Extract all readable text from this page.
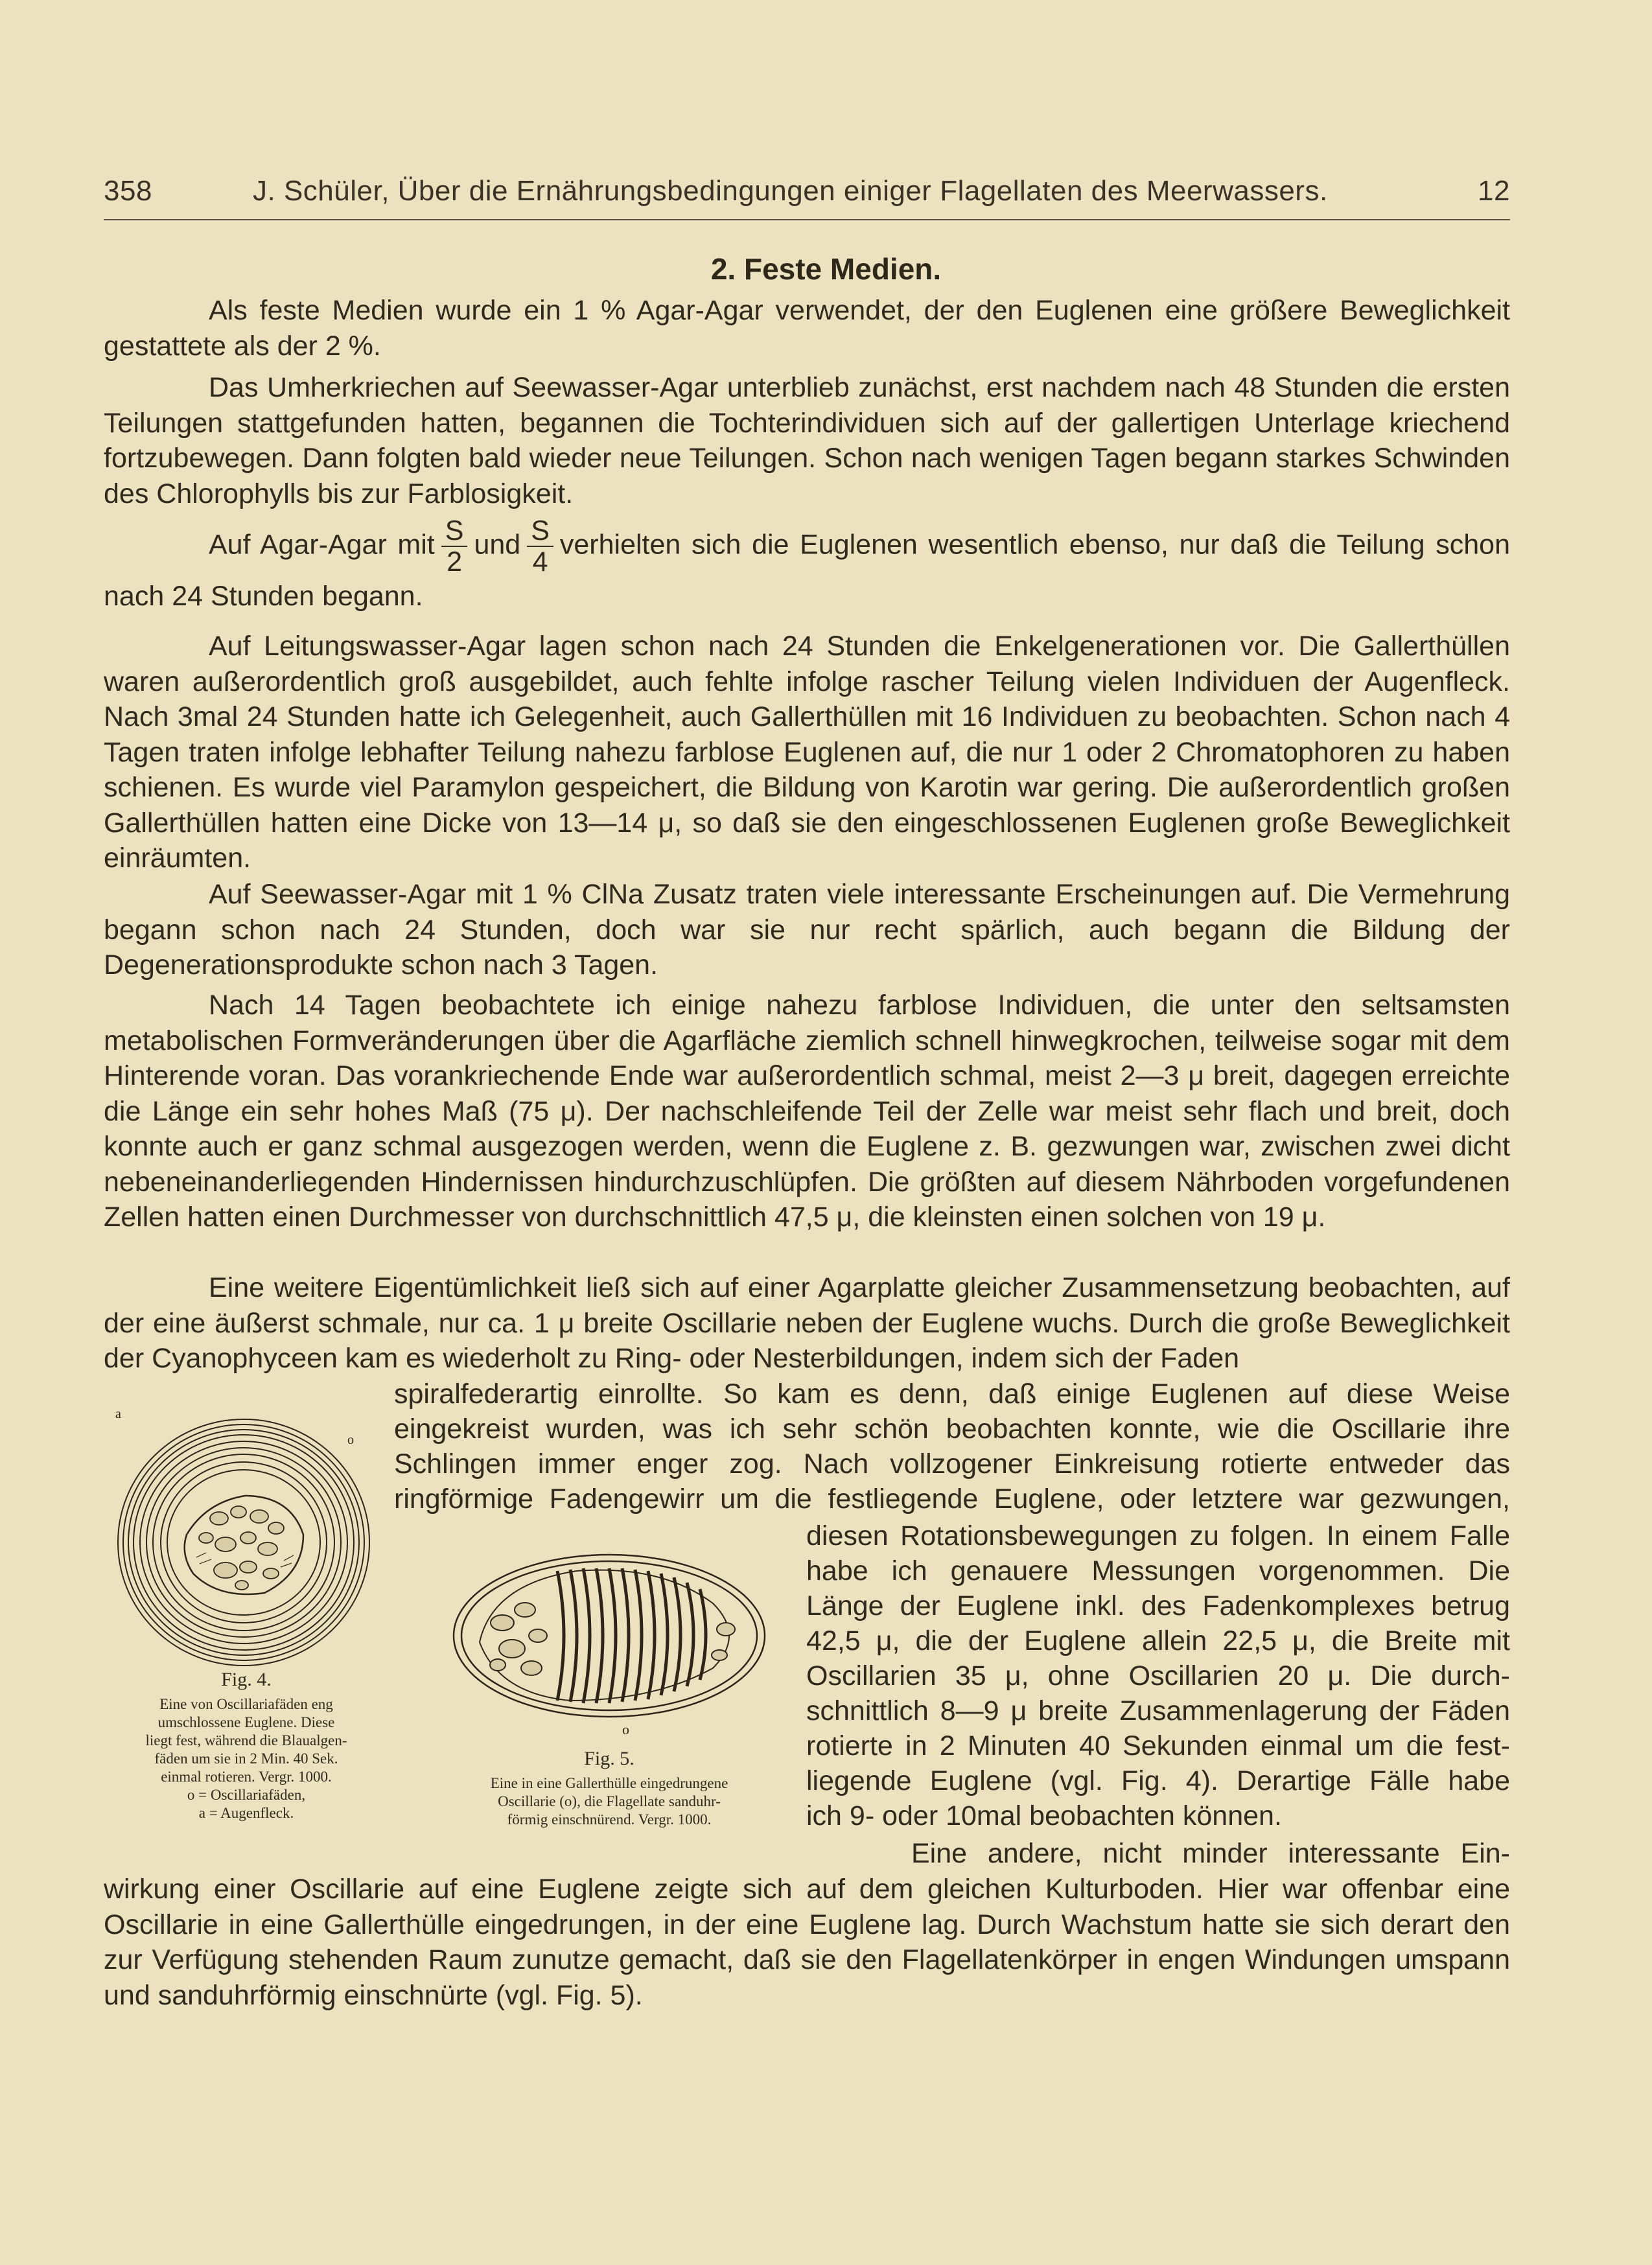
358	J. Schüler, Über die Ernährungsbedingungen einiger Flagellaten des Meerwassers.	12
2. Feste Medien.
Als feste Medien wurde ein 1 % Agar-Agar verwendet, der den Euglenen eine größere Beweglichkeit gestattete als der 2 %.
Das Umherkriechen auf Seewasser-Agar unterblieb zunächst, erst nachdem nach 48 Stunden die ersten Teilungen stattgefunden hatten, begannen die Tochterindividuen sich auf der gallertigen Unterlage kriechend fortzubewegen. Dann folgten bald wieder neue Teilungen. Schon nach wenigen Tagen begann starkes Schwinden des Chlorophylls bis zur Farblosigkeit.
Auf Agar-Agar mit $\frac{S}{2}$ und $\frac{S}{4}$ verhielten sich die Euglenen wesentlich ebenso, nur daß die Teilung schon nach 24 Stunden begann.
Auf Leitungswasser-Agar lagen schon nach 24 Stunden die Enkelgenerationen vor. Die Gallerthüllen waren außerordentlich groß ausgebildet, auch fehlte infolge rascher Teilung vielen Individuen der Augenfleck. Nach 3mal 24 Stunden hatte ich Gelegenheit, auch Gallerthüllen mit 16 Individuen zu beobachten. Schon nach 4 Tagen traten infolge lebhafter Teilung nahezu farblose Euglenen auf, die nur 1 oder 2 Chromatophoren zu haben schienen. Es wurde viel Paramylon gespeichert, die Bildung von Karotin war gering. Die außerordentlich großen Gallerthüllen hatten eine Dicke von 13—14 μ, so daß sie den eingeschlossenen Euglenen große Beweglichkeit einräumten.
Auf Seewasser-Agar mit 1 % ClNa Zusatz traten viele interessante Erscheinungen auf. Die Vermehrung begann schon nach 24 Stunden, doch war sie nur recht spärlich, auch begann die Bildung der Degenerationsprodukte schon nach 3 Tagen.
Nach 14 Tagen beobachtete ich einige nahezu farblose Individuen, die unter den seltsamsten metabolischen Formveränderungen über die Agarfläche ziemlich schnell hinwegkrochen, teilweise sogar mit dem Hinterende voran. Das vorankriechende Ende war außerordentlich schmal, meist 2—3 μ breit, dagegen erreichte die Länge ein sehr hohes Maß (75 μ). Der nachschleifende Teil der Zelle war meist sehr flach und breit, doch konnte auch er ganz schmal ausgezogen werden, wenn die Euglene z. B. gezwungen war, zwischen zwei dicht nebeneinanderliegenden Hindernissen hindurchzuschlüpfen. Die größten auf diesem Nährboden vorgefundenen Zellen hatten einen Durchmesser von durchschnittlich 47,5 μ, die kleinsten einen solchen von 19 μ.
Eine weitere Eigentümlichkeit ließ sich auf einer Agarplatte gleicher Zusammensetzung beobachten, auf der eine äußerst schmale, nur ca. 1 μ breite Oscillarie neben der Euglene wuchs. Durch die große Beweglichkeit der Cyanophyceen kam es wiederholt zu Ring- oder Nesterbildungen, indem sich der Faden
spiralfederartig einrollte. So kam es denn, daß einige Euglenen auf diese Weise
eingekreist wurden, was ich sehr schön beobachten konnte, wie die Oscillarie ihre
Schlingen immer enger zog. Nach vollzogener Einkreisung rotierte entweder das
ringförmige Fadengewirr um die festliegende Euglene, oder letztere war gezwungen,
diesen Rotationsbewegungen zu folgen. In einem Falle
habe ich genauere Messungen vorgenommen. Die
Länge der Euglene inkl. des Fadenkomplexes betrug
42,5 μ, die der Euglene allein 22,5 μ, die Breite mit
Oscillarien 35 μ, ohne Oscillarien 20 μ. Die durch-
schnittlich 8—9 μ breite Zusammenlagerung der Fäden
rotierte in 2 Minuten 40 Sekunden einmal um die fest-
liegende Euglene (vgl. Fig. 4). Derartige Fälle habe
ich 9- oder 10mal beobachten können.
Eine andere, nicht minder interessante Ein-
wirkung einer Oscillarie auf eine Euglene zeigte sich auf dem gleichen Kulturboden. Hier war offenbar eine Oscillarie in eine Gallerthülle eingedrungen, in der eine Euglene lag. Durch Wachstum hatte sie sich derart den zur Verfügung stehenden Raum zunutze gemacht, daß sie den Flagellatenkörper in engen Windungen umspann und sanduhrförmig einschnürte (vgl. Fig. 5).
a
o
Fig. 4.
Eine von Oscillariafäden eng
umschlossene Euglene. Diese
liegt fest, während die Blaualgen-
fäden um sie in 2 Min. 40 Sek.
einmal rotieren. Vergr. 1000.
o = Oscillariafäden,
a = Augenfleck.
o
Fig. 5.
Eine in eine Gallerthülle eingedrungene
Oscillarie (o), die Flagellate sanduhr-
förmig einschnürend. Vergr. 1000.
